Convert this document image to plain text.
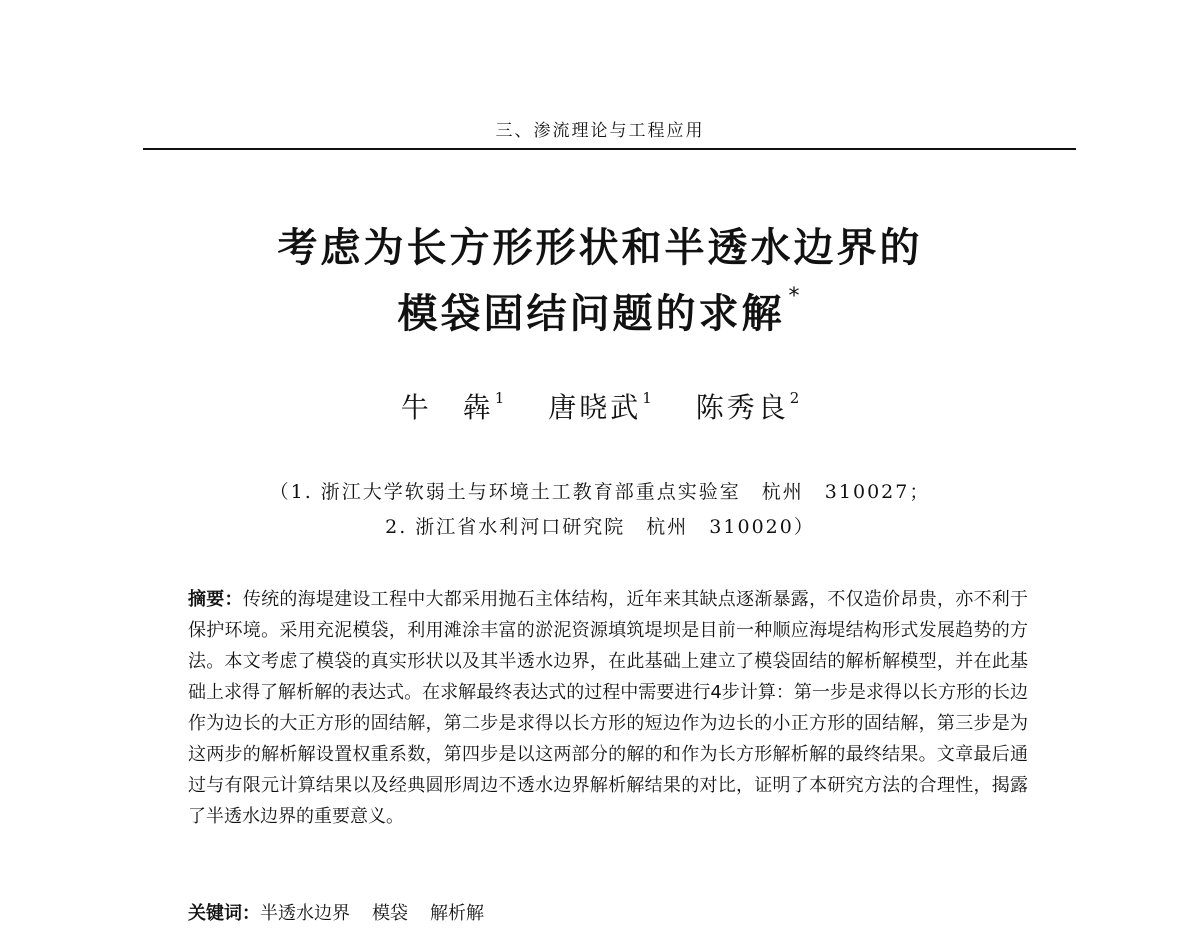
三、渗流理论与工程应用
考虑为长方形形状和半透水边界的
模袋固结问题的求解 *
牛　犇$^1$ 唐晓武$^1$ 陈秀良$^2$
（1. 浙江大学软弱土与环境土工教育部重点实验室　杭州　310027；
2. 浙江省水利河口研究院　杭州　310020）
摘要：传统的海堤建设工程中大都采用抛石主体结构，近年来其缺点逐渐暴露，不仅造价昂贵，亦不利于保护环境。采用充泥模袋，利用滩涂丰富的淤泥资源填筑堤坝是目前一种顺应海堤结构形式发展趋势的方法。本文考虑了模袋的真实形状以及其半透水边界，在此基础上建立了模袋固结的解析解模型，并在此基础上求得了解析解的表达式。在求解最终表达式的过程中需要进行4步计算：第一步是求得以长方形的长边作为边长的大正方形的固结解，第二步是求得以长方形的短边作为边长的小正方形的固结解，第三步是为这两步的解析解设置权重系数，第四步是以这两部分的解的和作为长方形解析解的最终结果。文章最后通过与有限元计算结果以及经典圆形周边不透水边界解析解结果的对比，证明了本研究方法的合理性，揭露了半透水边界的重要意义。
关键词：半透水边界 模袋 解析解
